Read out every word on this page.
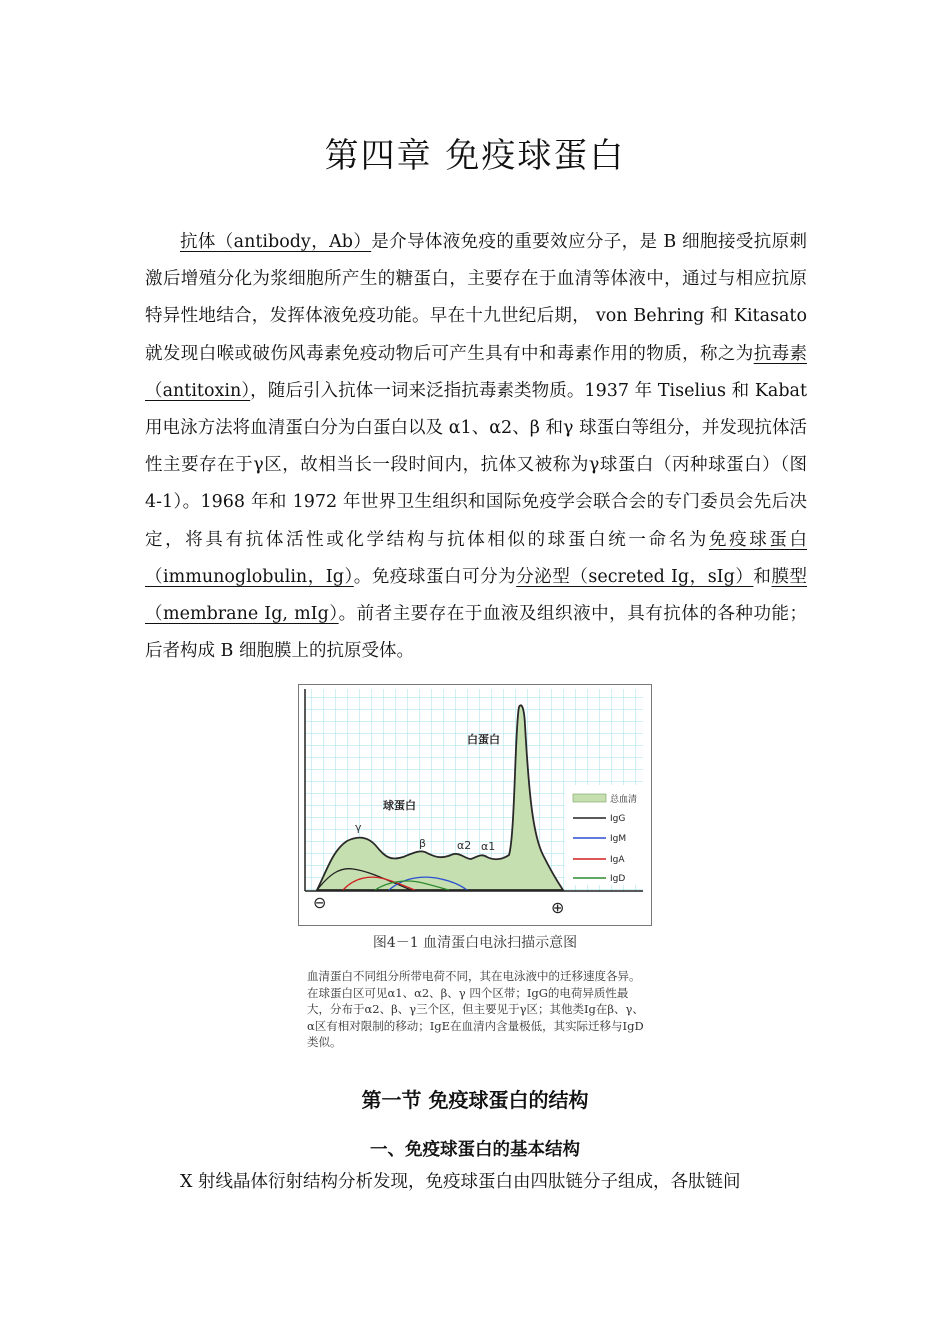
第四章 免疫球蛋白

抗体（antibody，Ab）是介导体液免疫的重要效应分子，是 B 细胞接受抗原刺激后增殖分化为浆细胞所产生的糖蛋白，主要存在于血清等体液中，通过与相应抗原特异性地结合，发挥体液免疫功能。早在十九世纪后期， von Behring 和 Kitasato 就发现白喉或破伤风毒素免疫动物后可产生具有中和毒素作用的物质，称之为抗毒素（antitoxin），随后引入抗体一词来泛指抗毒素类物质。1937 年 Tiselius 和 Kabat 用电泳方法将血清蛋白分为白蛋白以及 α1、α2、β 和γ 球蛋白等组分，并发现抗体活性主要存在于γ区，故相当长一段时间内，抗体又被称为γ球蛋白（丙种球蛋白）（图 4-1）。1968 年和 1972 年世界卫生组织和国际免疫学会联合会的专门委员会先后决定，将具有抗体活性或化学结构与抗体相似的球蛋白统一命名为免疫球蛋白（immunoglobulin，Ig）。免疫球蛋白可分为分泌型（secreted Ig，sIg）和膜型（membrane Ig, mIg）。前者主要存在于血液及组织液中，具有抗体的各种功能；后者构成 B 细胞膜上的抗原受体。

白蛋白
球蛋白
γ
β	α2 α1
⊖	⊕
总血清
IgG
IgM
IgA
IgD

图4－1 血清蛋白电泳扫描示意图

血清蛋白不同组分所带电荷不同，其在电泳液中的迁移速度各异。在球蛋白区可见α1、α2、β、γ 四个区带；IgG的电荷异质性最大，分布于α2、β、γ三个区，但主要见于γ区；其他类Ig在β、γ、α区有相对限制的移动；IgE在血清内含量极低，其实际迁移与IgD类似。

第一节 免疫球蛋白的结构
一、免疫球蛋白的基本结构

X 射线晶体衍射结构分析发现，免疫球蛋白由四肽链分子组成，各肽链间
